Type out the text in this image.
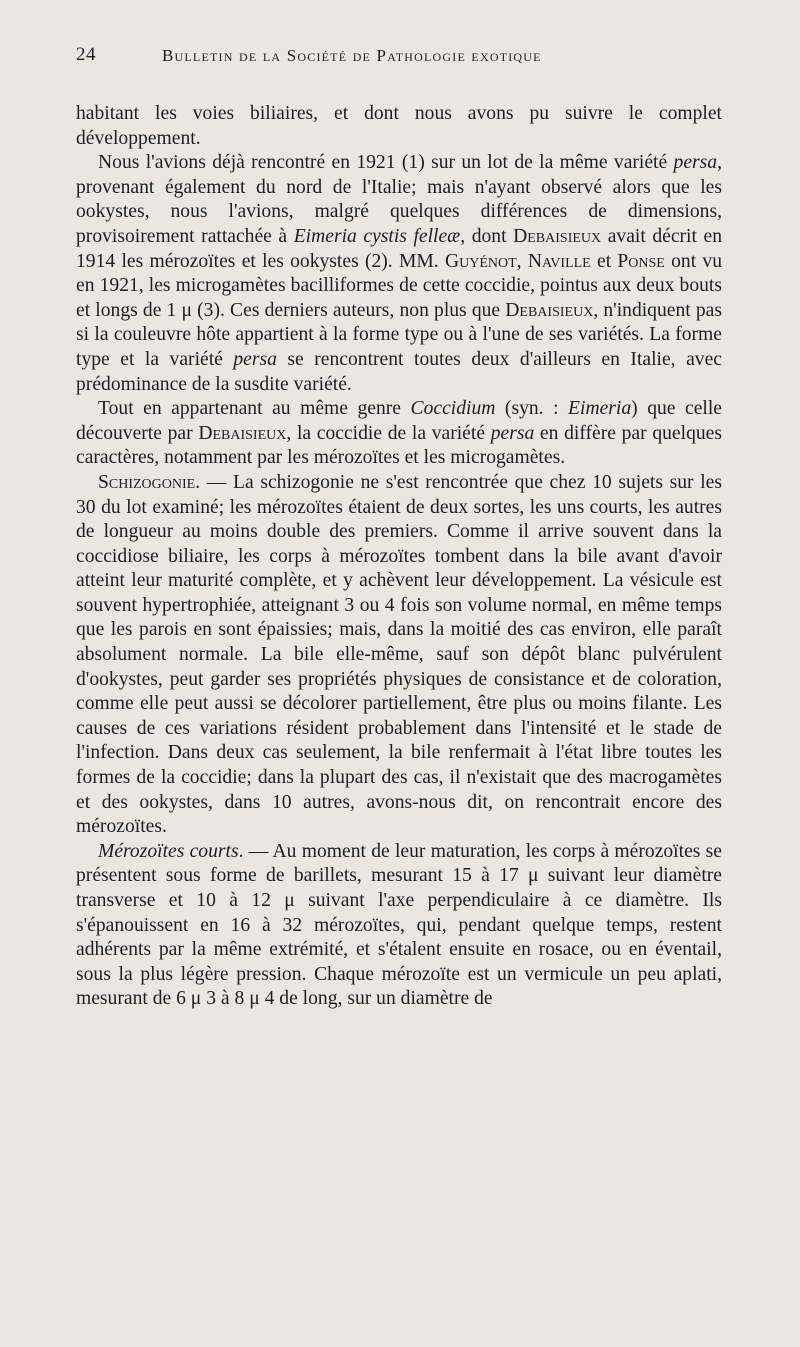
24	Bulletin de la Société de Pathologie exotique

habitant les voies biliaires, et dont nous avons pu suivre le complet développement.

Nous l'avions déjà rencontré en 1921 (1) sur un lot de la même variété persa, provenant également du nord de l'Italie; mais n'ayant observé alors que les ookystes, nous l'avions, malgré quelques différences de dimensions, provisoirement rattachée à Eimeria cystis felleæ, dont Debaisieux avait décrit en 1914 les mérozoïtes et les ookystes (2). MM. Guyénot, Naville et Ponse ont vu en 1921, les microgamètes bacilliformes de cette coccidie, pointus aux deux bouts et longs de 1 μ (3). Ces derniers auteurs, non plus que Debaisieux, n'indiquent pas si la couleuvre hôte appartient à la forme type ou à l'une de ses variétés. La forme type et la variété persa se rencontrent toutes deux d'ailleurs en Italie, avec prédominance de la susdite variété.

Tout en appartenant au même genre Coccidium (syn. : Eimeria) que celle découverte par Debaisieux, la coccidie de la variété persa en diffère par quelques caractères, notamment par les mérozoïtes et les microgamètes.

Schizogonie. — La schizogonie ne s'est rencontrée que chez 10 sujets sur les 30 du lot examiné; les mérozoïtes étaient de deux sortes, les uns courts, les autres de longueur au moins double des premiers. Comme il arrive souvent dans la coccidiose biliaire, les corps à mérozoïtes tombent dans la bile avant d'avoir atteint leur maturité complète, et y achèvent leur développement. La vésicule est souvent hypertrophiée, atteignant 3 ou 4 fois son volume normal, en même temps que les parois en sont épaissies; mais, dans la moitié des cas environ, elle paraît absolument normale. La bile elle-même, sauf son dépôt blanc pulvérulent d'ookystes, peut garder ses propriétés physiques de consistance et de coloration, comme elle peut aussi se décolorer partiellement, être plus ou moins filante. Les causes de ces variations résident probablement dans l'intensité et le stade de l'infection. Dans deux cas seulement, la bile renfermait à l'état libre toutes les formes de la coccidie; dans la plupart des cas, il n'existait que des macrogamètes et des ookystes, dans 10 autres, avons-nous dit, on rencontrait encore des mérozoïtes.

Mérozoïtes courts. — Au moment de leur maturation, les corps à mérozoïtes se présentent sous forme de barillets, mesurant 15 à 17 μ suivant leur diamètre transverse et 10 à 12 μ suivant l'axe perpendiculaire à ce diamètre. Ils s'épanouissent en 16 à 32 mérozoïtes, qui, pendant quelque temps, restent adhérents par la même extrémité, et s'étalent ensuite en rosace, ou en éventail, sous la plus légère pression. Chaque mérozoïte est un vermicule un peu aplati, mesurant de 6 μ 3 à 8 μ 4 de long, sur un diamètre de
